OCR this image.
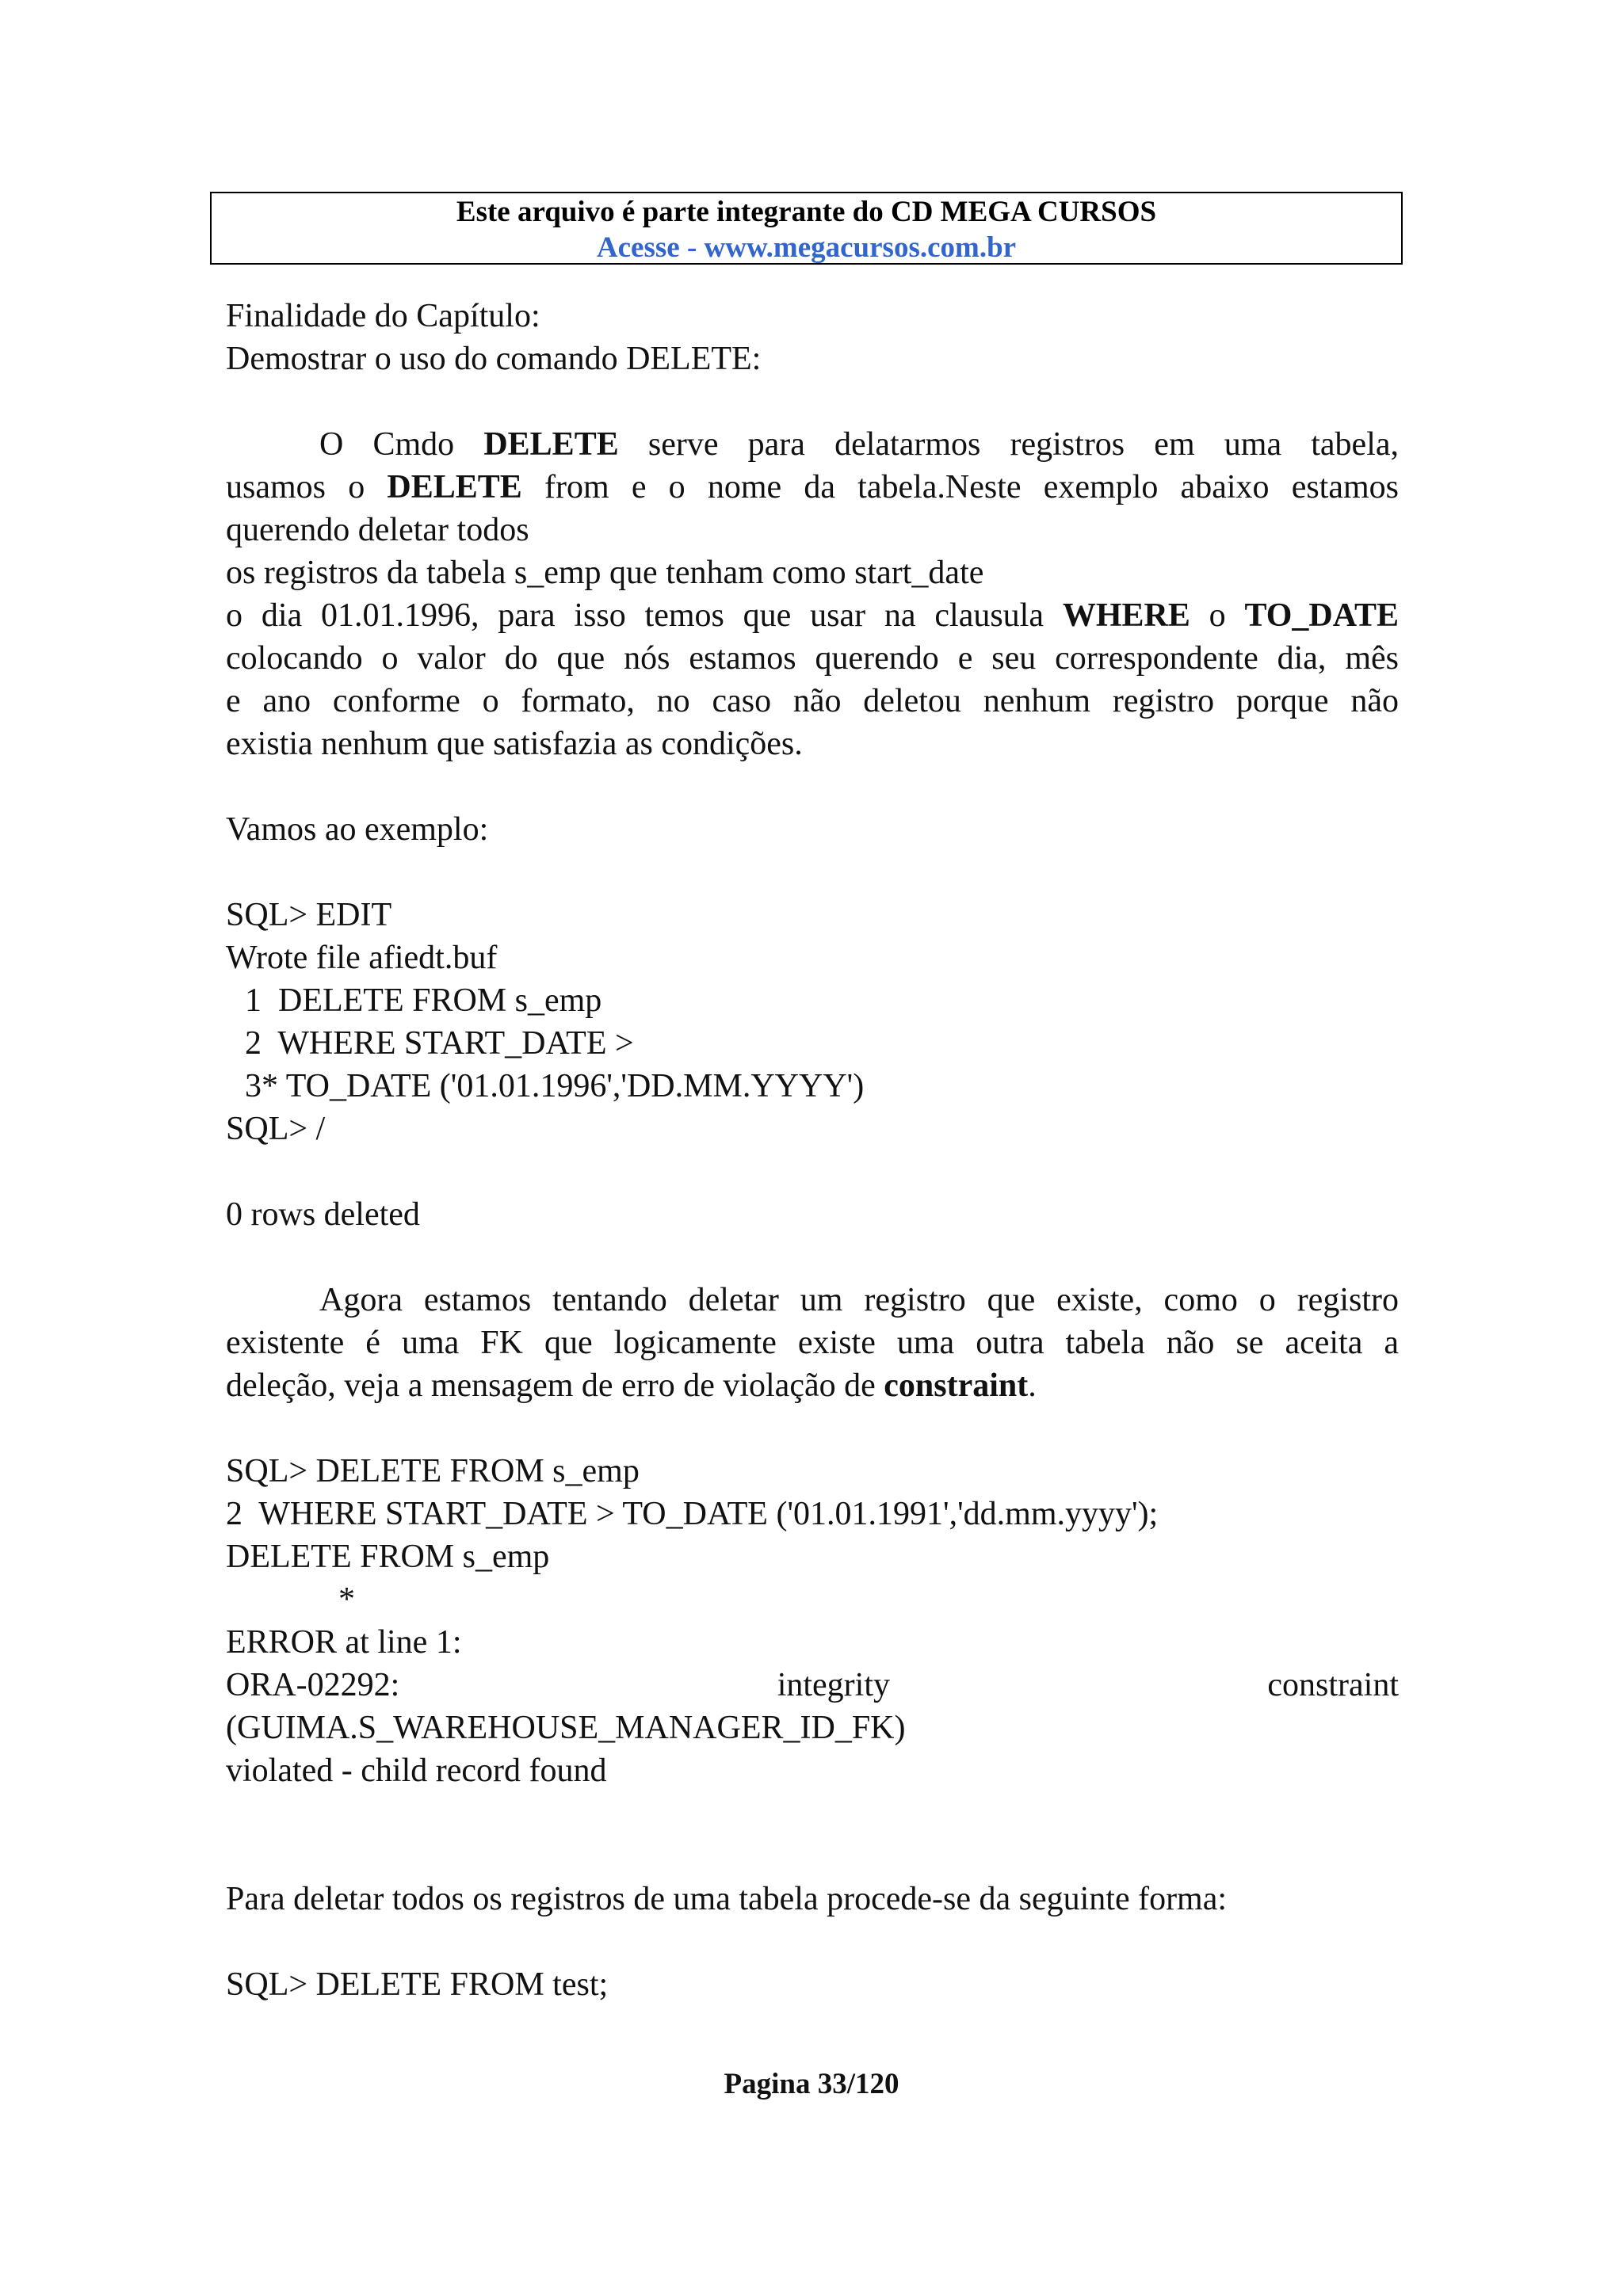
Este arquivo é parte integrante do CD MEGA CURSOS
Acesse - www.megacursos.com.br
Finalidade do Capítulo:
Demostrar o uso do comando DELETE:
O Cmdo DELETE serve para delatarmos registros em uma tabela,
usamos o DELETE from e o nome da tabela.Neste exemplo abaixo estamos
querendo deletar todos
os registros da tabela s_emp que tenham como start_date
o dia 01.01.1996, para isso temos que usar na clausula WHERE o TO_DATE
colocando o valor do que nós estamos querendo e seu correspondente dia, mês
e ano conforme o formato, no caso não deletou nenhum registro porque não
existia nenhum que satisfazia as condições.
Vamos ao exemplo:
SQL> EDIT
Wrote file afiedt.buf
1  DELETE FROM s_emp
2  WHERE START_DATE >
3* TO_DATE ('01.01.1996','DD.MM.YYYY')
SQL> /
0 rows deleted
Agora estamos tentando deletar um registro que existe, como o registro
existente é uma FK que logicamente existe uma outra tabela não se aceita a
deleção, veja a mensagem de erro de violação de constraint.
SQL> DELETE FROM s_emp
2  WHERE START_DATE > TO_DATE ('01.01.1991','dd.mm.yyyy');
DELETE FROM s_emp
*
ERROR at line 1:
ORA-02292: integrity constraint
(GUIMA.S_WAREHOUSE_MANAGER_ID_FK)
violated - child record found
Para deletar todos os registros de uma tabela procede-se da seguinte forma:
SQL> DELETE FROM test;
Pagina 33/120
